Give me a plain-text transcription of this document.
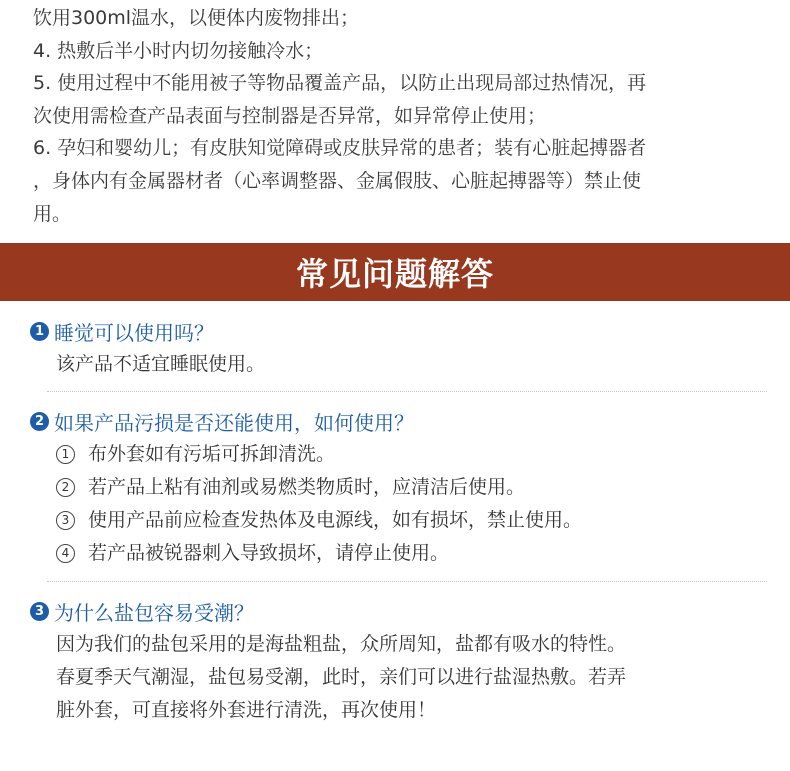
饮用300ml温水，以便体内废物排出；
4. 热敷后半小时内切勿接触冷水；
5. 使用过程中不能用被子等物品覆盖产品，以防止出现局部过热情况，再
次使用需检查产品表面与控制器是否异常，如异常停止使用；
6. 孕妇和婴幼儿；有皮肤知觉障碍或皮肤异常的患者；装有心脏起搏器者
，身体内有金属器材者（心率调整器、金属假肢、心脏起搏器等）禁止使
用。
常见问题解答
1 睡觉可以使用吗？
该产品不适宜睡眠使用。
2 如果产品污损是否还能使用，如何使用？
1 布外套如有污垢可拆卸清洗。
2 若产品上粘有油剂或易燃类物质时，应清洁后使用。
3 使用产品前应检查发热体及电源线，如有损坏，禁止使用。
4 若产品被锐器刺入导致损坏，请停止使用。
3 为什么盐包容易受潮？
因为我们的盐包采用的是海盐粗盐，众所周知，盐都有吸水的特性。
春夏季天气潮湿，盐包易受潮，此时，亲们可以进行盐湿热敷。若弄
脏外套，可直接将外套进行清洗，再次使用！
